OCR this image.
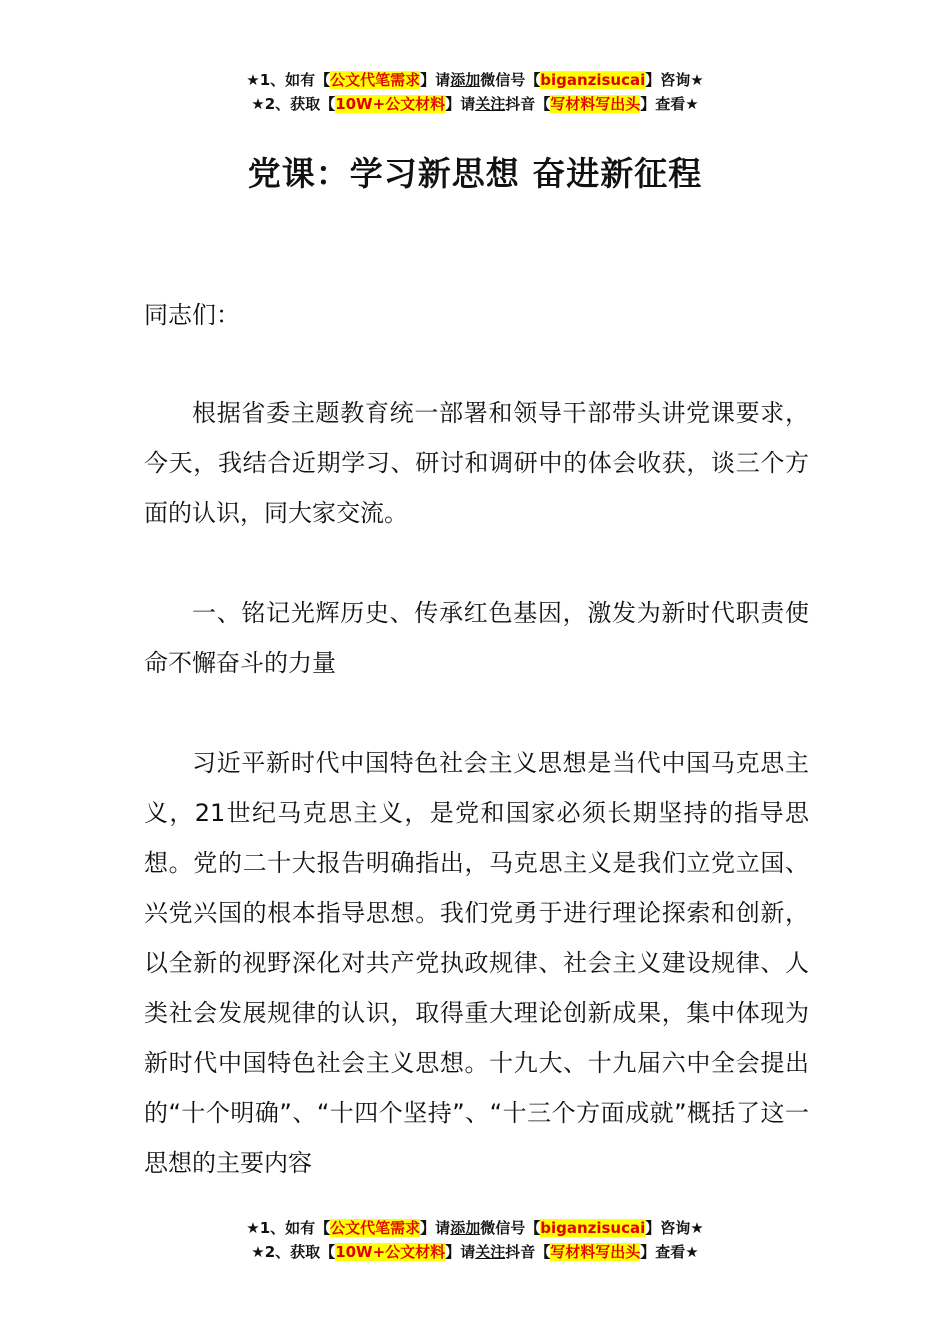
★1、如有【公文代笔需求】请添加微信号【biganzisucai】咨询★
★2、获取【10W+公文材料】请关注抖音【写材料写出头】查看★
党课：学习新思想 奋进新征程
同志们：
根据省委主题教育统一部署和领导干部带头讲党课要求，今天，我结合近期学习、研讨和调研中的体会收获，谈三个方面的认识，同大家交流。
一、铭记光辉历史、传承红色基因，激发为新时代职责使命不懈奋斗的力量
习近平新时代中国特色社会主义思想是当代中国马克思主义，21世纪马克思主义，是党和国家必须长期坚持的指导思想。党的二十大报告明确指出，马克思主义是我们立党立国、兴党兴国的根本指导思想。我们党勇于进行理论探索和创新，以全新的视野深化对共产党执政规律、社会主义建设规律、人类社会发展规律的认识，取得重大理论创新成果，集中体现为新时代中国特色社会主义思想。十九大、十九届六中全会提出的“十个明确”、“十四个坚持”、“十三个方面成就”概括了这一思想的主要内容
★1、如有【公文代笔需求】请添加微信号【biganzisucai】咨询★
★2、获取【10W+公文材料】请关注抖音【写材料写出头】查看★
